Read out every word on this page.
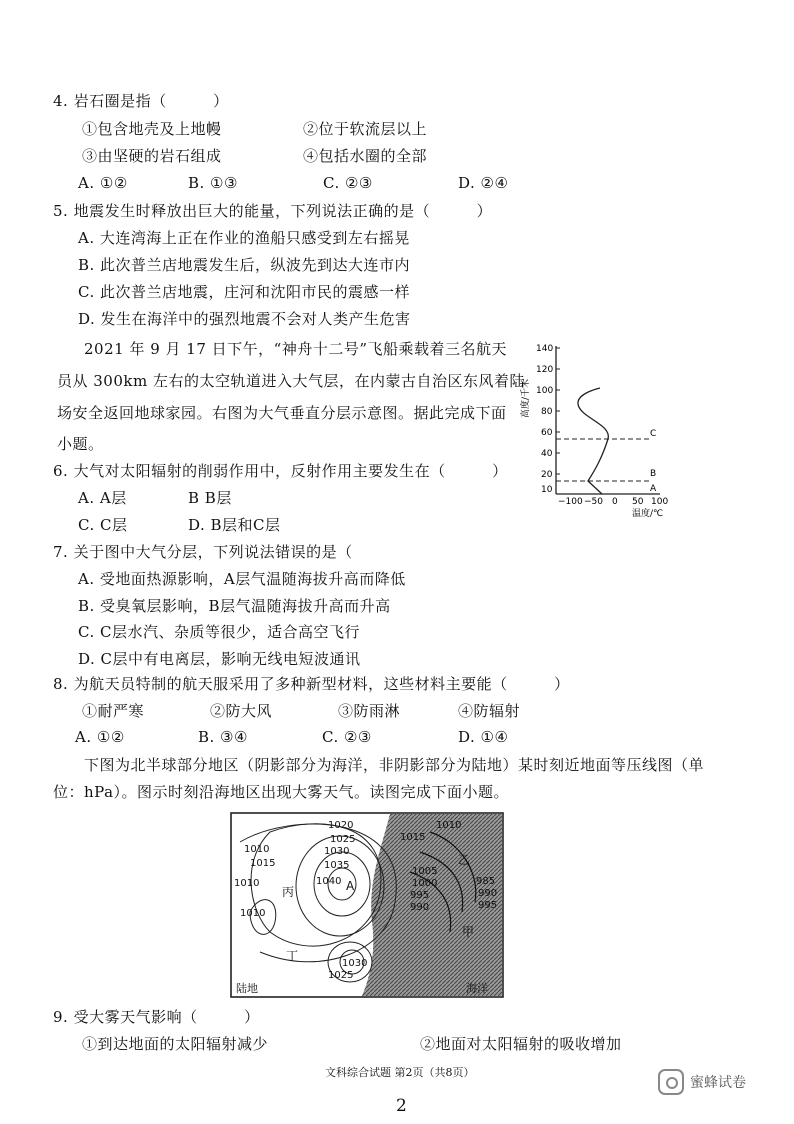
4. 岩石圈是指（　　　）
①包含地壳及上地幔	②位于软流层以上
③由坚硬的岩石组成	④包括水圈的全部
A. ①②	B. ①③	C. ②③	D. ②④
5. 地震发生时释放出巨大的能量，下列说法正确的是（　　　）
A. 大连湾海上正在作业的渔船只感受到左右摇晃
B. 此次普兰店地震发生后，纵波先到达大连市内
C. 此次普兰店地震，庄河和沈阳市民的震感一样
D. 发生在海洋中的强烈地震不会对人类产生危害
2021 年 9 月 17 日下午，“神舟十二号”飞船乘载着三名航天
员从 300km 左右的太空轨道进入大气层，在内蒙古自治区东风着陆
场安全返回地球家园。右图为大气垂直分层示意图。据此完成下面
小题。
高度/千米
140
120
100
80
60
40
20
10
C
B
A
−100 −50 0 50 100
温度/℃
6. 大气对太阳辐射的削弱作用中，反射作用主要发生在（　　　）
A. A层	B B层
C. C层	D. B层和C层
7. 关于图中大气分层，下列说法错误的是（
A. 受地面热源影响，A层气温随海拔升高而降低
B. 受臭氧层影响，B层气温随海拔升高而升高
C. C层水汽、杂质等很少，适合高空飞行
D. C层中有电离层，影响无线电短波通讯
8. 为航天员特制的航天服采用了多种新型材料，这些材料主要能（　　　）
①耐严寒	②防大风	③防雨淋	④防辐射
A. ①②	B. ③④	C. ②③	D. ①④
下图为北半球部分地区（阴影部分为海洋，非阴影部分为陆地）某时刻近地面等压线图（单
位：hPa）。图示时刻沿海地区出现大雾天气。读图完成下面小题。
1010
1015
1010
1010
1020
1025
1030
1035
1040
1030
1025
1015
1010
1005
1000
995
990
985
990
995
A
丙
丁
乙
甲
陆地	海洋
9. 受大雾天气影响（　　　）
①到达地面的太阳辐射减少	②地面对太阳辐射的吸收增加
文科综合试题 第2页（共8页）
2
蜜蜂试卷
